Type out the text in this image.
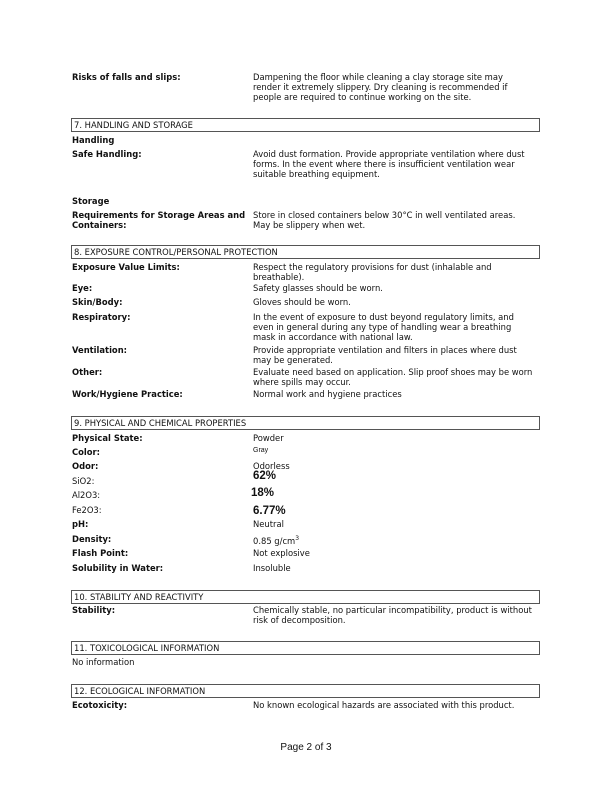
Risks of falls and slips:	Dampening the floor while cleaning a clay storage site may render it extremely slippery. Dry cleaning is recommended if people are required to continue working on the site.
7. HANDLING AND STORAGE
Handling
Safe Handling:	Avoid dust formation. Provide appropriate ventilation where dust forms. In the event where there is insufficient ventilation wear suitable breathing equipment.
Storage
Requirements for Storage Areas and Containers:
Store in closed containers below 30°C in well ventilated areas. May be slippery when wet.
8. EXPOSURE CONTROL/PERSONAL PROTECTION
Exposure Value Limits:	Respect the regulatory provisions for dust (inhalable and breathable).
Eye:	Safety glasses should be worn.
Skin/Body:	Gloves should be worn.
Respiratory:	In the event of exposure to dust beyond regulatory limits, and even in general during any type of handling wear a breathing mask in accordance with national law.
Ventilation:	Provide appropriate ventilation and filters in places where dust may be generated.
Other:	Evaluate need based on application. Slip proof shoes may be worn where spills may occur.
Work/Hygiene Practice:	Normal work and hygiene practices
9. PHYSICAL AND CHEMICAL PROPERTIES
Physical State:	Powder
Color:	Gray
Odor:	Odorless
SiO2:	62%
Al2O3:	18%
Fe2O3:	6.77%
pH:	Neutral
Density:	0.85 $g/cm^3$
Flash Point:	Not explosive
Solubility in Water:	Insoluble
10. STABILITY AND REACTIVITY
Stability:	Chemically stable, no particular incompatibility, product is without risk of decomposition.
11. TOXICOLOGICAL INFORMATION
No information
12. ECOLOGICAL INFORMATION
Ecotoxicity:	No known ecological hazards are associated with this product.
Page 2 of 3
